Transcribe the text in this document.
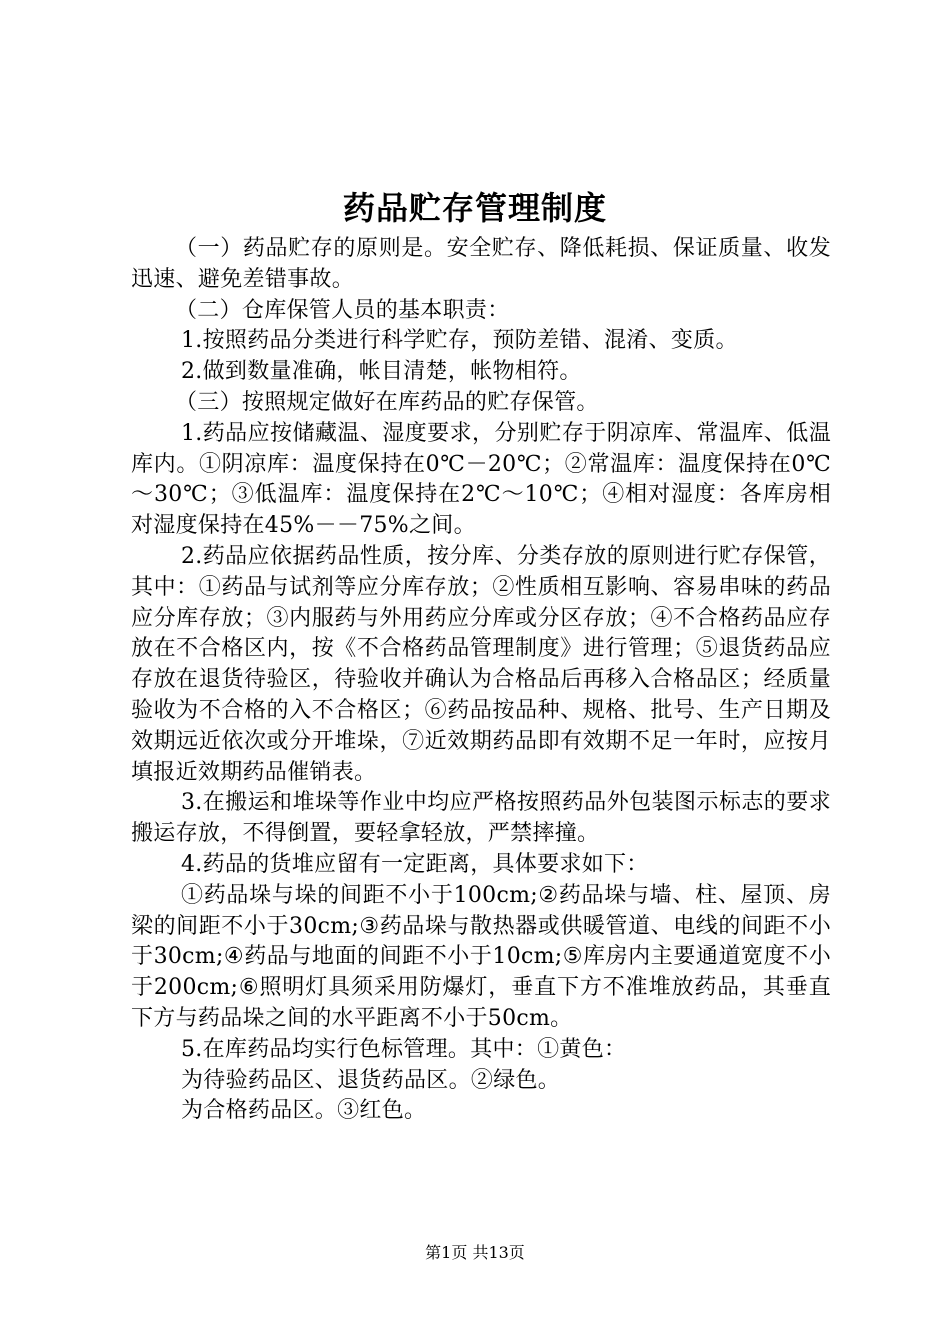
药品贮存管理制度

（一）药品贮存的原则是。安全贮存、降低耗损、保证质量、收发迅速、避免差错事故。

（二）仓库保管人员的基本职责：

1.按照药品分类进行科学贮存，预防差错、混淆、变质。

2.做到数量准确，帐目清楚，帐物相符。

（三）按照规定做好在库药品的贮存保管。

1.药品应按储藏温、湿度要求，分别贮存于阴凉库、常温库、低温库内。①阴凉库：温度保持在0℃－20℃；②常温库：温度保持在0℃～30℃；③低温库：温度保持在2℃～10℃；④相对湿度：各库房相对湿度保持在45%－－75%之间。

2.药品应依据药品性质，按分库、分类存放的原则进行贮存保管，其中：①药品与试剂等应分库存放；②性质相互影响、容易串味的药品应分库存放；③内服药与外用药应分库或分区存放；④不合格药品应存放在不合格区内，按《不合格药品管理制度》进行管理；⑤退货药品应存放在退货待验区，待验收并确认为合格品后再移入合格品区；经质量验收为不合格的入不合格区；⑥药品按品种、规格、批号、生产日期及效期远近依次或分开堆垛，⑦近效期药品即有效期不足一年时，应按月填报近效期药品催销表。

3.在搬运和堆垛等作业中均应严格按照药品外包装图示标志的要求搬运存放，不得倒置，要轻拿轻放，严禁摔撞。

4.药品的货堆应留有一定距离，具体要求如下：

①药品垛与垛的间距不小于100cm;②药品垛与墙、柱、屋顶、房梁的间距不小于30cm;③药品垛与散热器或供暖管道、电线的间距不小于30cm;④药品与地面的间距不小于10cm;⑤库房内主要通道宽度不小于200cm;⑥照明灯具须采用防爆灯，垂直下方不准堆放药品，其垂直下方与药品垛之间的水平距离不小于50cm。

5.在库药品均实行色标管理。其中：①黄色：

为待验药品区、退货药品区。②绿色。

为合格药品区。③红色。

第1页 共13页
